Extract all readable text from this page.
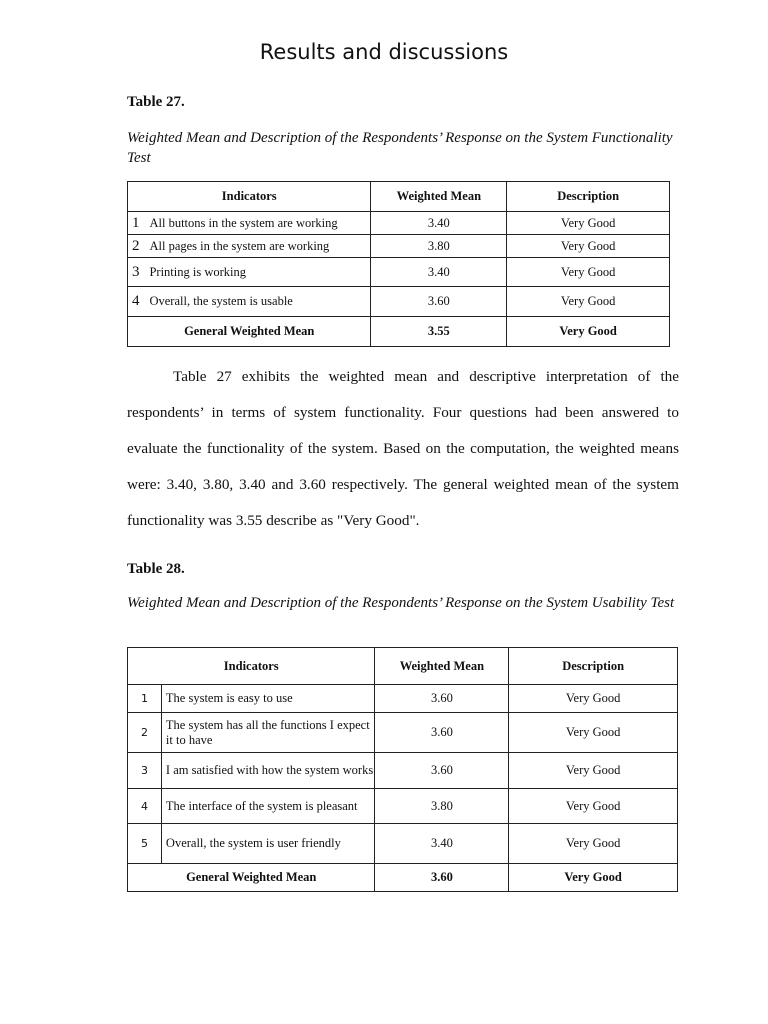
Results and discussions
Table 27.
Weighted Mean and Description of the Respondents’ Response on the System Functionality Test
Indicators		Weighted Mean	Description
1	All buttons in the system are working	3.40	Very Good
2	All pages in the system are working	3.80	Very Good
3	Printing is working	3.40	Very Good
4	Overall, the system is usable	3.60	Very Good
General Weighted Mean		3.55	Very Good

Table 27 exhibits the weighted mean and descriptive interpretation of the respondents’ in terms of system functionality. Four questions had been answered to evaluate the functionality of the system. Based on the computation, the weighted means were: 3.40, 3.80, 3.40 and 3.60 respectively. The general weighted mean of the system functionality was 3.55 describe as "Very Good".

Table 28.
Weighted Mean and Description of the Respondents’ Response on the System Usability Test
Indicators		Weighted Mean	Description
1	The system is easy to use	3.60	Very Good
2	The system has all the functions I expect it to have	3.60	Very Good
3	I am satisfied with how the system works	3.60	Very Good
4	The interface of the system is pleasant	3.80	Very Good
5	Overall, the system is user friendly	3.40	Very Good
General Weighted Mean		3.60	Very Good
